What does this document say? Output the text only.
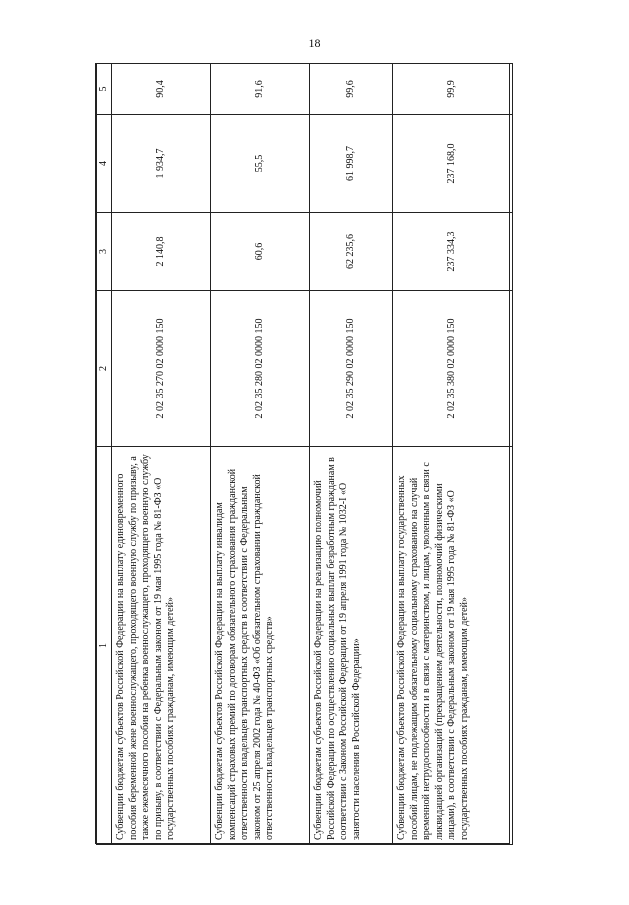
18
1	2	3	4	5
Субвенции бюджетам субъектов Российской Федерации на выплату единовременного пособия беременной жене военнослужащего, проходящего военную службу по призыву, а также ежемесячного пособия на ребенка военнослужащего, проходящего военную службу по призыву, в соответствии с Федеральным законом от 19 мая 1995 года № 81-ФЗ «О государственных пособиях гражданам, имеющим детей»	2 02 35 270 02 0000 150	2 140,8	1 934,7	90,4
Субвенции бюджетам субъектов Российской Федерации на выплату инвалидам компенсаций страховых премий по договорам обязательного страхования гражданской ответственности владельцев транспортных средств в соответствии с Федеральным законом от 25 апреля 2002 года № 40-ФЗ «Об обязательном страховании гражданской ответственности владельцев транспортных средств»	2 02 35 280 02 0000 150	60,6	55,5	91,6
Субвенции бюджетам субъектов Российской Федерации на реализацию полномочий Российской Федерации по осуществлению социальных выплат безработным гражданам в соответствии с Законом Российской Федерации от 19 апреля 1991 года № 1032-I «О занятости населения в Российской Федерации»	2 02 35 290 02 0000 150	62 235,6	61 998,7	99,6
Субвенции бюджетам субъектов Российской Федерации на выплату государственных пособий лицам, не подлежащим обязательному социальному страхованию на случай временной нетрудоспособности и в связи с материнством, и лицам, уволенным в связи с ликвидацией организаций (прекращением деятельности, полномочий физическими лицами), в соответствии с Федеральным законом от 19 мая 1995 года № 81-ФЗ «О государственных пособиях гражданам, имеющим детей»	2 02 35 380 02 0000 150	237 334,3	237 168,0	99,9
